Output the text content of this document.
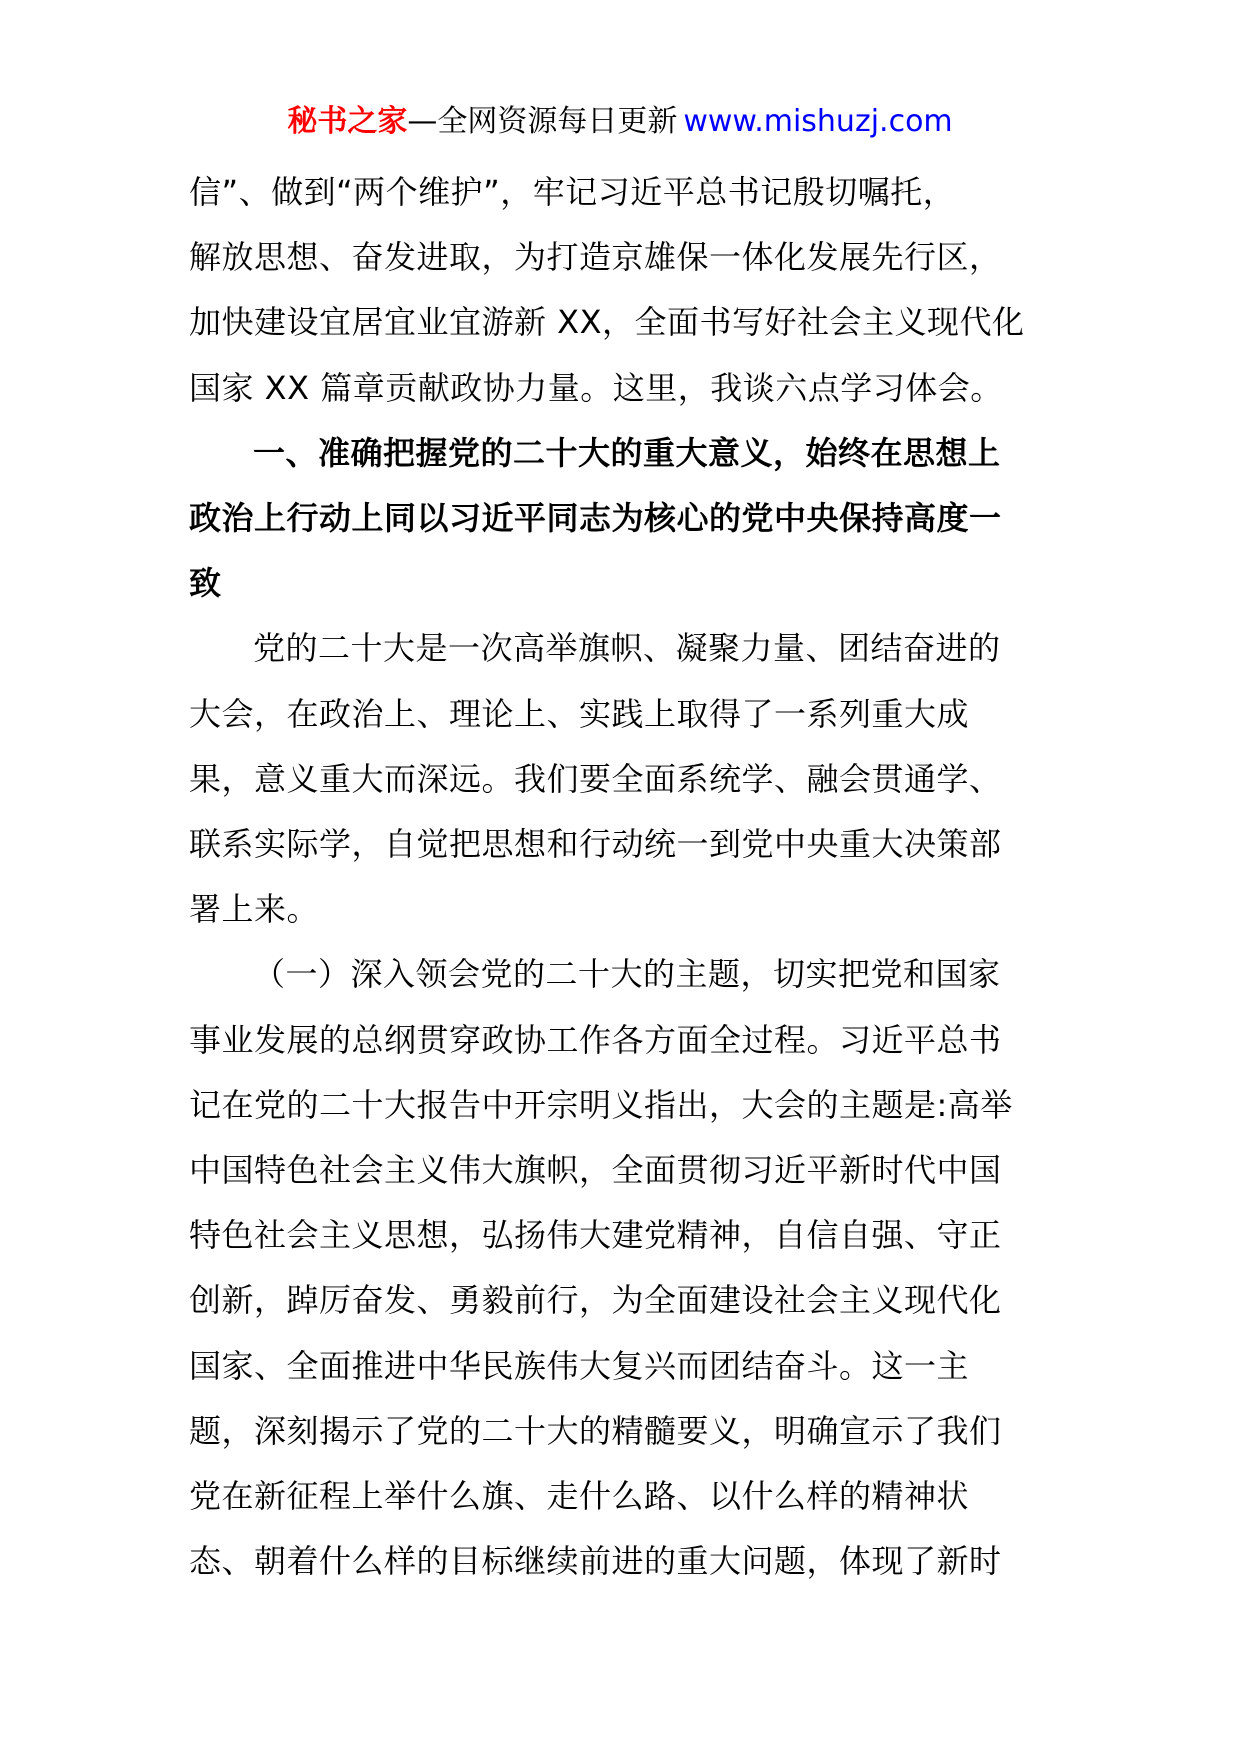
秘书之家—全网资源每日更新 www.mishuzj.com

信”、做到“两个维护”，牢记习近平总书记殷切嘱托，
解放思想、奋发进取，为打造京雄保一体化发展先行区，
加快建设宜居宜业宜游新 XX，全面书写好社会主义现代化
国家 XX 篇章贡献政协力量。这里，我谈六点学习体会。

一、准确把握党的二十大的重大意义，始终在思想上
政治上行动上同以习近平同志为核心的党中央保持高度一
致

党的二十大是一次高举旗帜、凝聚力量、团结奋进的
大会，在政治上、理论上、实践上取得了一系列重大成
果，意义重大而深远。我们要全面系统学、融会贯通学、
联系实际学，自觉把思想和行动统一到党中央重大决策部
署上来。

（一）深入领会党的二十大的主题，切实把党和国家
事业发展的总纲贯穿政协工作各方面全过程。习近平总书
记在党的二十大报告中开宗明义指出，大会的主题是:高举
中国特色社会主义伟大旗帜，全面贯彻习近平新时代中国
特色社会主义思想，弘扬伟大建党精神，自信自强、守正
创新，踔厉奋发、勇毅前行，为全面建设社会主义现代化
国家、全面推进中华民族伟大复兴而团结奋斗。这一主
题，深刻揭示了党的二十大的精髓要义，明确宣示了我们
党在新征程上举什么旗、走什么路、以什么样的精神状
态、朝着什么样的目标继续前进的重大问题，体现了新时
